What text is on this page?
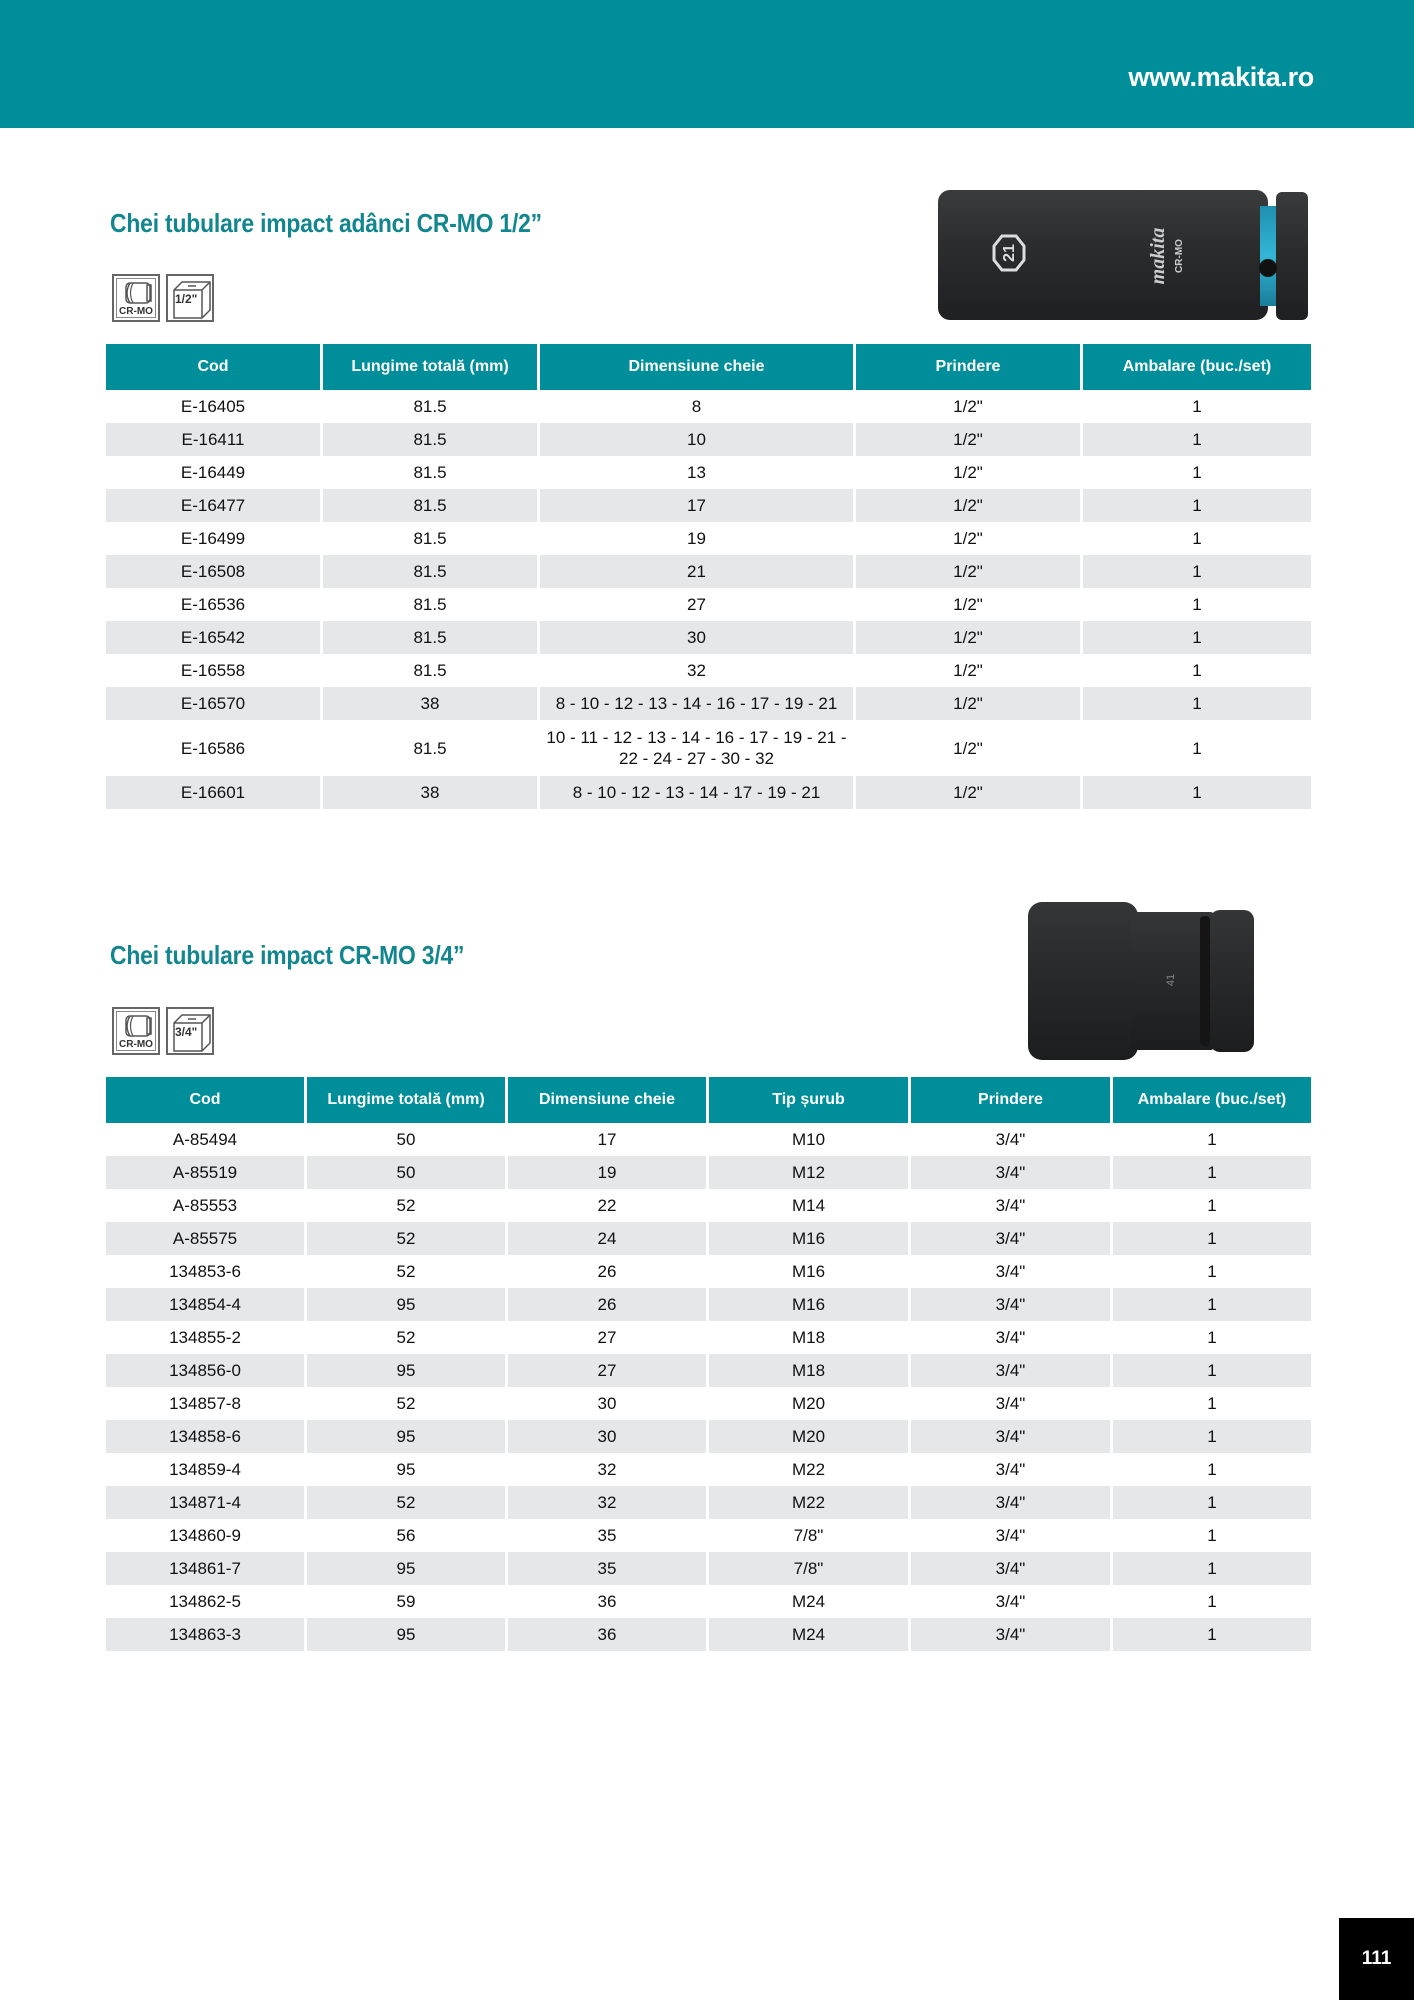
www.makita.ro
Chei tubulare impact adânci CR-MO 1/2”
CR-MO
1/2"
21	makita CR-MO
Cod	Lungime totală (mm)	Dimensiune cheie	Prindere	Ambalare (buc./set)
E-16405	81.5	8	1/2"	1
E-16411	81.5	10	1/2"	1
E-16449	81.5	13	1/2"	1
E-16477	81.5	17	1/2"	1
E-16499	81.5	19	1/2"	1
E-16508	81.5	21	1/2"	1
E-16536	81.5	27	1/2"	1
E-16542	81.5	30	1/2"	1
E-16558	81.5	32	1/2"	1
E-16570	38	8 - 10 - 12 - 13 - 14 - 16 - 17 - 19 - 21	1/2"	1
E-16586	81.5	10 - 11 - 12 - 13 - 14 - 16 - 17 - 19 - 21 - 22 - 24 - 27 - 30 - 32	1/2"	1
E-16601	38	8 - 10 - 12 - 13 - 14 - 17 - 19 - 21	1/2"	1
Chei tubulare impact CR-MO 3/4”
CR-MO
3/4"
41
Cod	Lungime totală (mm)	Dimensiune cheie	Tip șurub	Prindere	Ambalare (buc./set)
A-85494	50	17	M10	3/4"	1
A-85519	50	19	M12	3/4"	1
A-85553	52	22	M14	3/4"	1
A-85575	52	24	M16	3/4"	1
134853-6	52	26	M16	3/4"	1
134854-4	95	26	M16	3/4"	1
134855-2	52	27	M18	3/4"	1
134856-0	95	27	M18	3/4"	1
134857-8	52	30	M20	3/4"	1
134858-6	95	30	M20	3/4"	1
134859-4	95	32	M22	3/4"	1
134871-4	52	32	M22	3/4"	1
134860-9	56	35	7/8"	3/4"	1
134861-7	95	35	7/8"	3/4"	1
134862-5	59	36	M24	3/4"	1
134863-3	95	36	M24	3/4"	1
111
